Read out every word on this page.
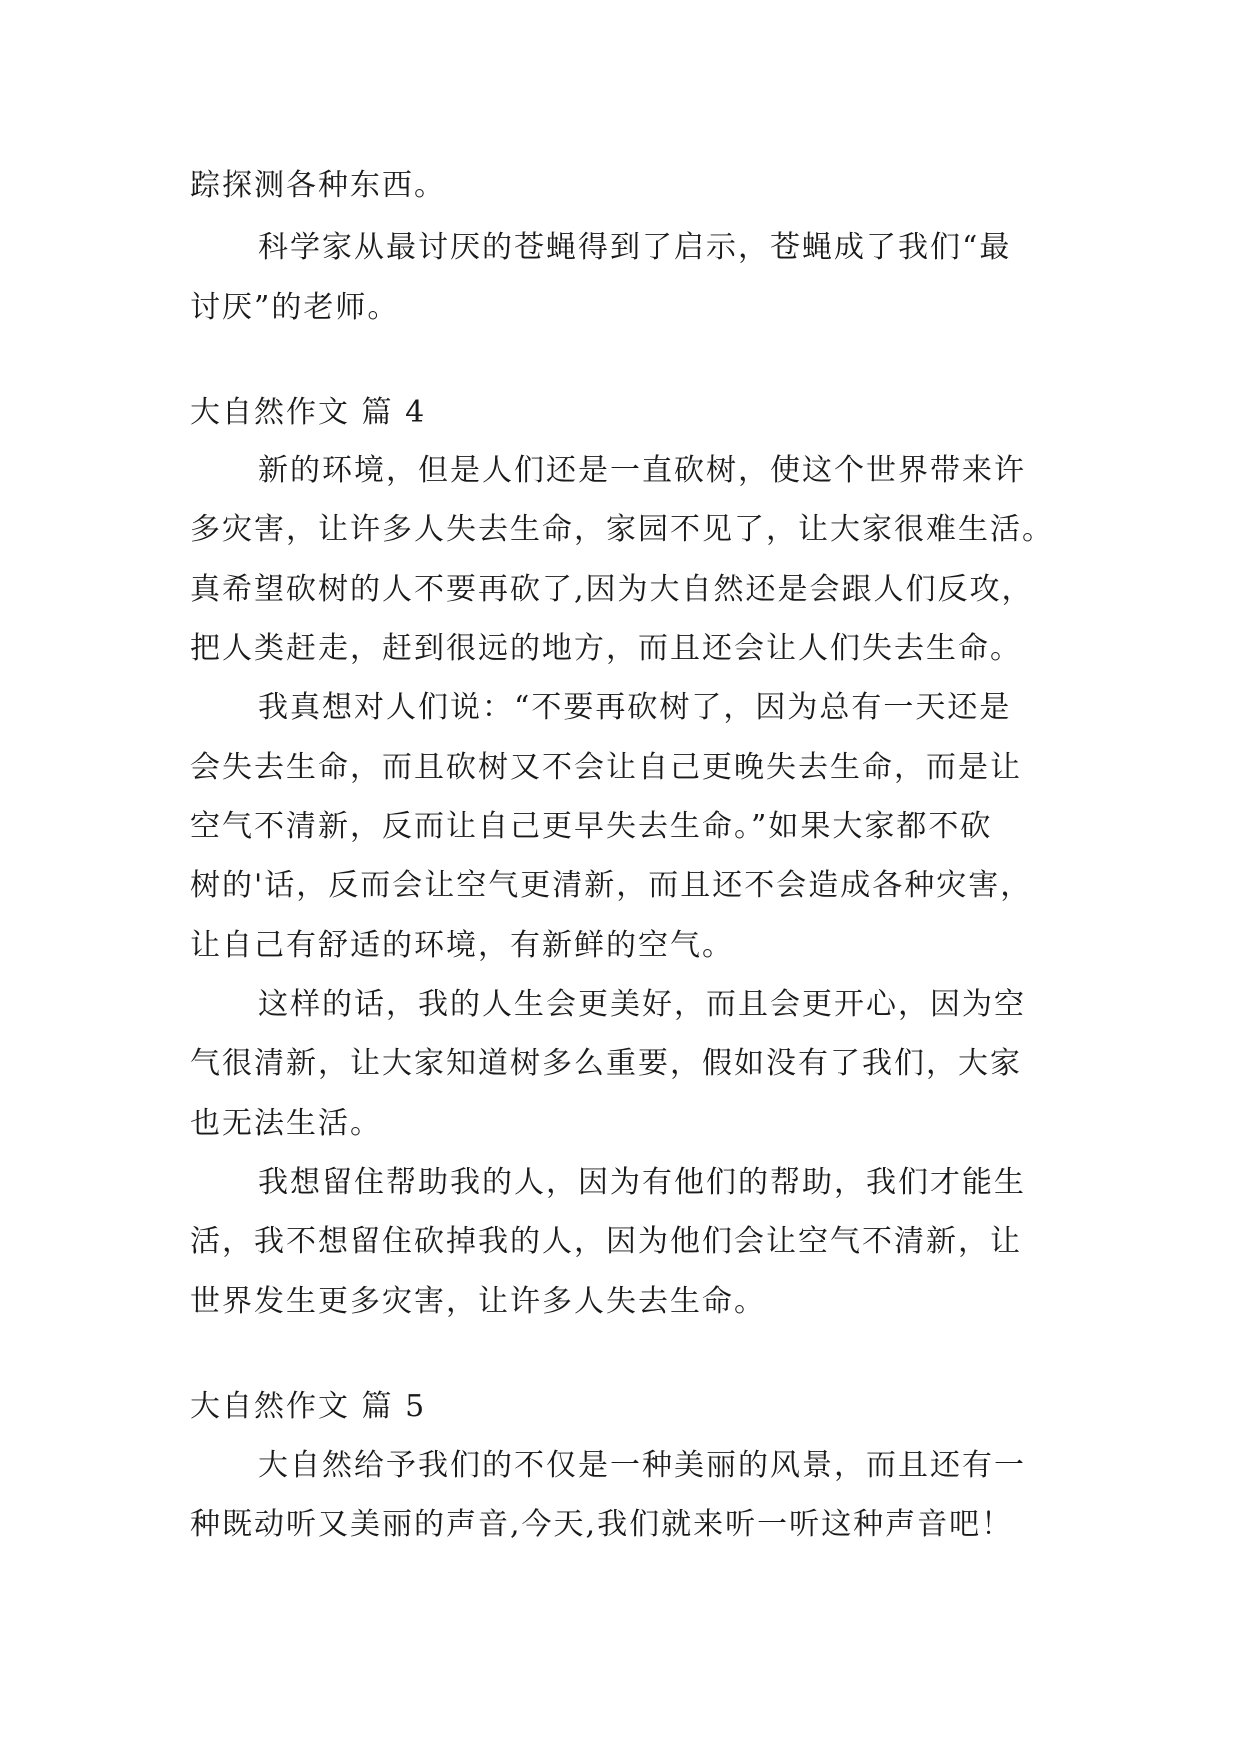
踪探测各种东西。
科学家从最讨厌的苍蝇得到了启示，苍蝇成了我们“最
讨厌”的老师。
大自然作文 篇 4
新的环境，但是人们还是一直砍树，使这个世界带来许
多灾害，让许多人失去生命，家园不见了，让大家很难生活。
真希望砍树的人不要再砍了,因为大自然还是会跟人们反攻，
把人类赶走，赶到很远的地方，而且还会让人们失去生命。
我真想对人们说：“不要再砍树了，因为总有一天还是
会失去生命，而且砍树又不会让自己更晚失去生命，而是让
空气不清新，反而让自己更早失去生命。”如果大家都不砍
树的'话，反而会让空气更清新，而且还不会造成各种灾害，
让自己有舒适的环境，有新鲜的空气。
这样的话，我的人生会更美好，而且会更开心，因为空
气很清新，让大家知道树多么重要，假如没有了我们，大家
也无法生活。
我想留住帮助我的人，因为有他们的帮助，我们才能生
活，我不想留住砍掉我的人，因为他们会让空气不清新，让
世界发生更多灾害，让许多人失去生命。
大自然作文 篇 5
大自然给予我们的不仅是一种美丽的风景，而且还有一
种既动听又美丽的声音,今天,我们就来听一听这种声音吧！
